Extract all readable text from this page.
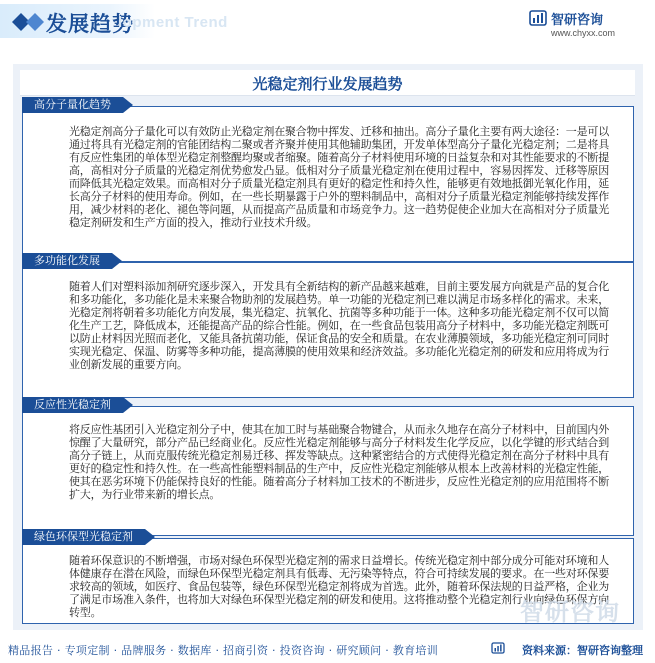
发展趋势
lopment Trend	智研咨询
www.chyxx.com
光稳定剂行业发展趋势
高分子量化趋势
光稳定剂高分子量化可以有效防止光稳定剂在聚合物中挥发、迁移和抽出。高分子量化主要有两大途径：一是可以通过将具有光稳定剂的官能团结构二聚或者齐聚并使用其他辅助集团，开发单体型高分子量化光稳定剂；二是将具有反应性集团的单体型光稳定剂整醒均聚或者缩聚。随着高分子材料使用环境的日益复杂和对其性能要求的不断提高，高相对分子质量的光稳定剂优势愈发凸显。低相对分子质量光稳定剂在使用过程中，容易因挥发、迁移等原因而降低其光稳定效果。而高相对分子质量光稳定剂具有更好的稳定性和持久性，能够更有效地抵御光氧化作用，延长高分子材料的使用寿命。例如，在一些长期暴露于户外的塑料制品中，高相对分子质量光稳定剂能够持续发挥作用，减少材料的老化、褪色等问题，从而提高产品质量和市场竞争力。这一趋势促使企业加大在高相对分子质量光稳定剂研发和生产方面的投入，推动行业技术升级。
多功能化发展
随着人们对塑料添加剂研究逐步深入，开发具有全新结构的新产品越来越难，目前主要发展方向就是产品的复合化和多功能化，多功能化是未来聚合物助剂的发展趋势。单一功能的光稳定剂已难以满足市场多样化的需求。未来，光稳定剂将朝着多功能化方向发展，集光稳定、抗氧化、抗菌等多种功能于一体。这种多功能光稳定剂不仅可以简化生产工艺，降低成本，还能提高产品的综合性能。例如，在一些食品包装用高分子材料中，多功能光稳定剂既可以防止材料因光照而老化，又能具备抗菌功能，保证食品的安全和质量。在农业薄膜领域，多功能光稳定剂可同时实现光稳定、保温、防雾等多种功能，提高薄膜的使用效果和经济效益。多功能化光稳定剂的研发和应用将成为行业创新发展的重要方向。
反应性光稳定剂
将反应性基团引入光稳定剂分子中，使其在加工时与基础聚合物键合，从而永久地存在高分子材料中，目前国内外惊醒了大量研究，部分产品已经商业化。反应性光稳定剂能够与高分子材料发生化学反应，以化学键的形式结合到高分子链上，从而克服传统光稳定剂易迁移、挥发等缺点。这种紧密结合的方式使得光稳定剂在高分子材料中具有更好的稳定性和持久性。在一些高性能塑料制品的生产中，反应性光稳定剂能够从根本上改善材料的光稳定性能，使其在恶劣环境下仍能保持良好的性能。随着高分子材料加工技术的不断进步，反应性光稳定剂的应用范围将不断扩大，为行业带来新的增长点。
绿色环保型光稳定剂
随着环保意识的不断增强，市场对绿色环保型光稳定剂的需求日益增长。传统光稳定剂中部分成分可能对环境和人体健康存在潜在风险，而绿色环保型光稳定剂具有低毒、无污染等特点，符合可持续发展的要求。在一些对环保要求较高的领域，如医疗、食品包装等，绿色环保型光稳定剂将成为首选。此外，随着环保法规的日益严格，企业为了满足市场准入条件，也将加大对绿色环保型光稳定剂的研发和使用。这将推动整个光稳定剂行业向绿色环保方向转型。	智研咨询
精品报告 · 专项定制 · 品牌服务 · 数据库 · 招商引资 · 投资咨询 · 研究顾问 · 教育培训	资料来源：智研咨询整理
